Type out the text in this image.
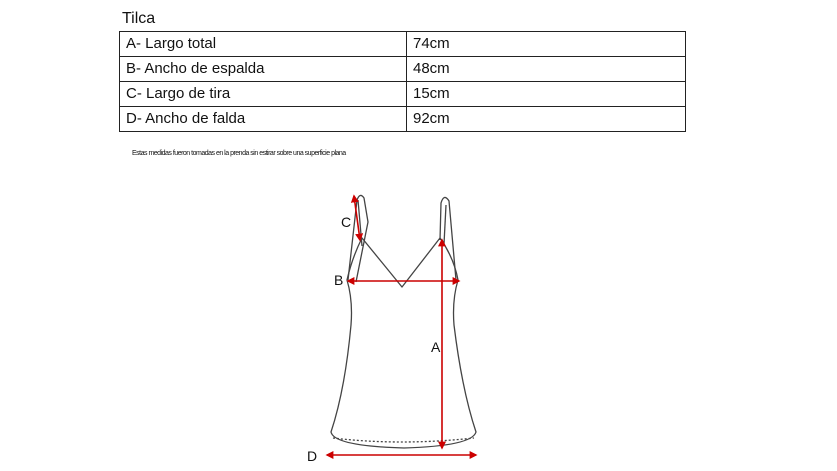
Tilca
A- Largo total	74cm
B- Ancho de espalda	48cm
C- Largo de tira	15cm
D- Ancho de falda	92cm

Estas medidas fueron tomadas en la prenda sin estirar sobre una superficie plana

C
B
A
D
